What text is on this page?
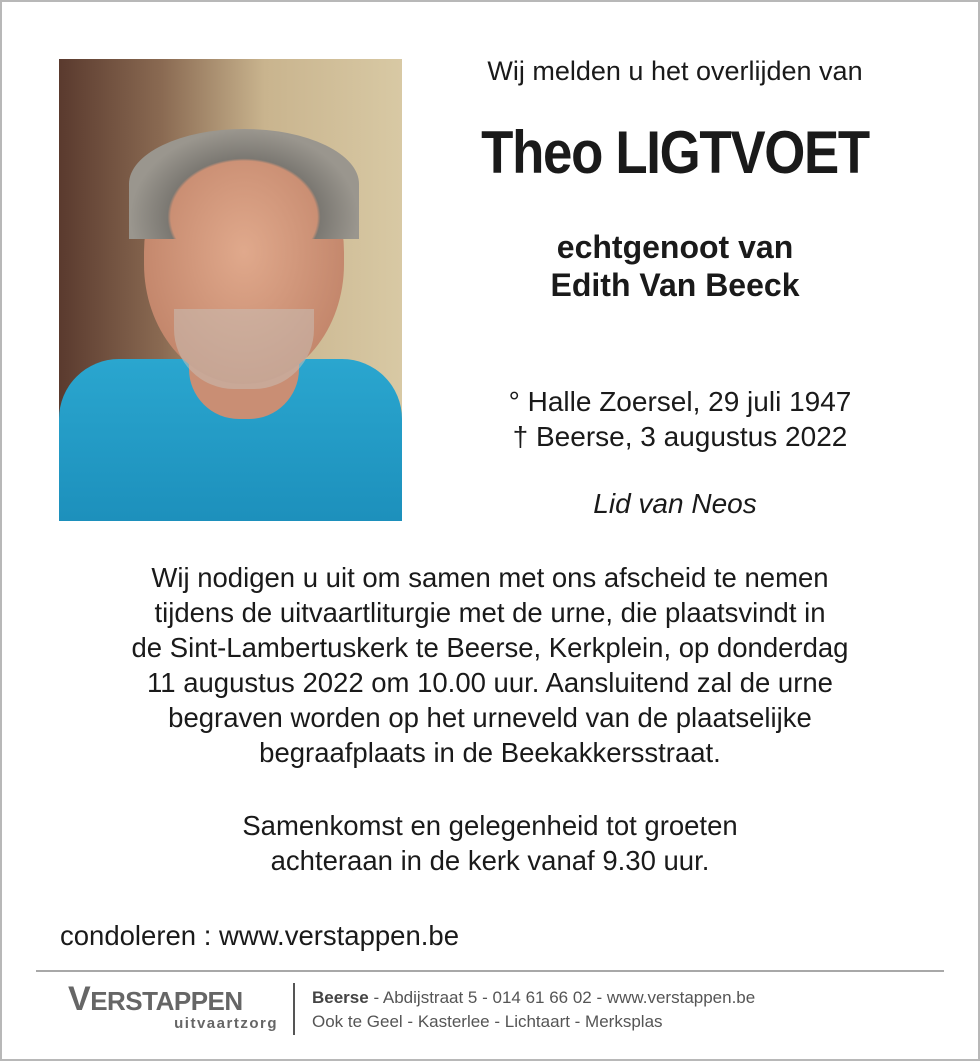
Wij melden u het overlijden van
Theo LIGTVOET
echtgenoot van
Edith Van Beeck
° Halle Zoersel, 29 juli 1947
† Beerse, 3 augustus 2022
Lid van Neos
Wij nodigen u uit om samen met ons afscheid te nemen
tijdens de uitvaartliturgie met de urne, die plaatsvindt in
de Sint-Lambertuskerk te Beerse, Kerkplein, op donderdag
11 augustus 2022 om 10.00 uur. Aansluitend zal de urne
begraven worden op het urneveld van de plaatselijke
begraafplaats in de Beekakkersstraat.
Samenkomst en gelegenheid tot groeten
achteraan in de kerk vanaf 9.30 uur.
condoleren : www.verstappen.be
VERSTAPPEN
uitvaartzorg
Beerse - Abdijstraat 5 - 014 61 66 02 - www.verstappen.be
Ook te Geel - Kasterlee - Lichtaart - Merksplas
